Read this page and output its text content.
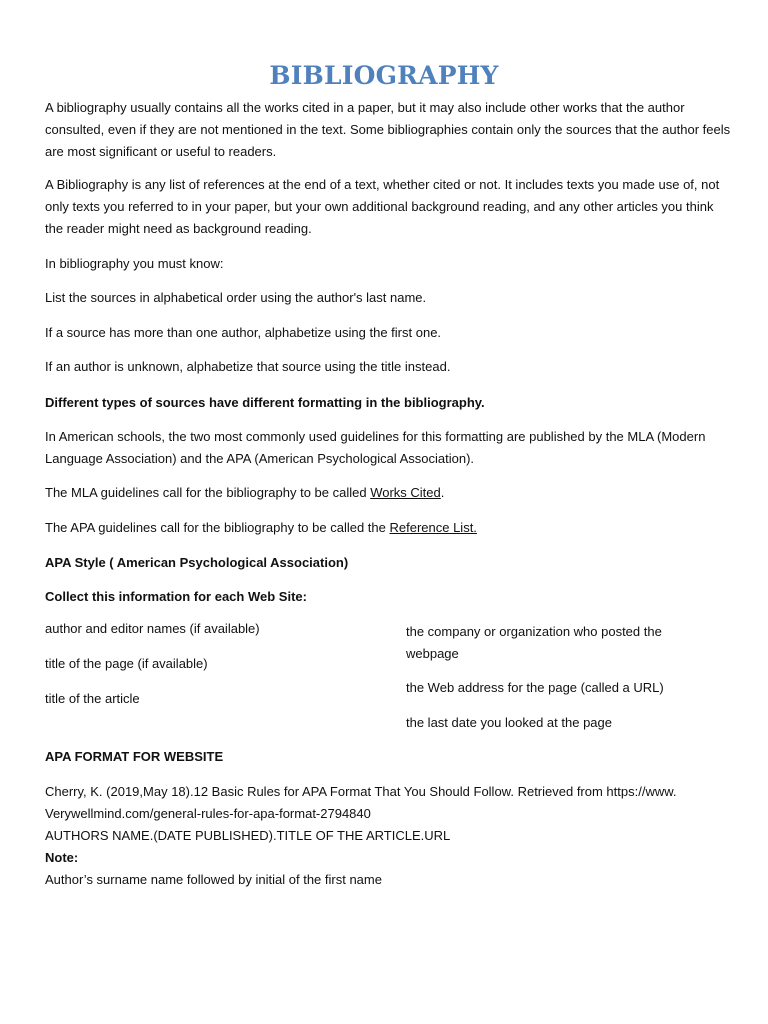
BIBLIOGRAPHY
A bibliography usually contains all the works cited in a paper, but it may also include other works that the author consulted, even if they are not mentioned in the text. Some bibliographies contain only the sources that the author feels are most significant or useful to readers.
A Bibliography is any list of references at the end of a text, whether cited or not. It includes texts you made use of, not only texts you referred to in your paper, but your own additional background reading, and any other articles you think the reader might need as background reading.
In bibliography you must know:
List the sources in alphabetical order using the author's last name.
If a source has more than one author, alphabetize using the first one.
If an author is unknown, alphabetize that source using the title instead.
Different types of sources have different formatting in the bibliography.
In American schools, the two most commonly used guidelines for this formatting are published by the MLA (Modern Language Association) and the APA (American Psychological Association).
The MLA guidelines call for the bibliography to be called Works Cited.
The APA guidelines call for the bibliography to be called the Reference List.
APA Style ( American Psychological Association)
Collect this information for each Web Site:
author and editor names (if available)
title of the page (if available)
title of the article
the company or organization who posted the webpage
the Web address for the page (called a URL)
the last date you looked at the page
APA FORMAT FOR WEBSITE
Cherry, K. (2019,May 18).12 Basic Rules for APA Format That You Should Follow. Retrieved from https://www.
Verywellmind.com/general-rules-for-apa-format-2794840
AUTHORS NAME.(DATE PUBLISHED).TITLE OF THE ARTICLE.URL
Note:
Author’s surname name followed by initial of the first name
